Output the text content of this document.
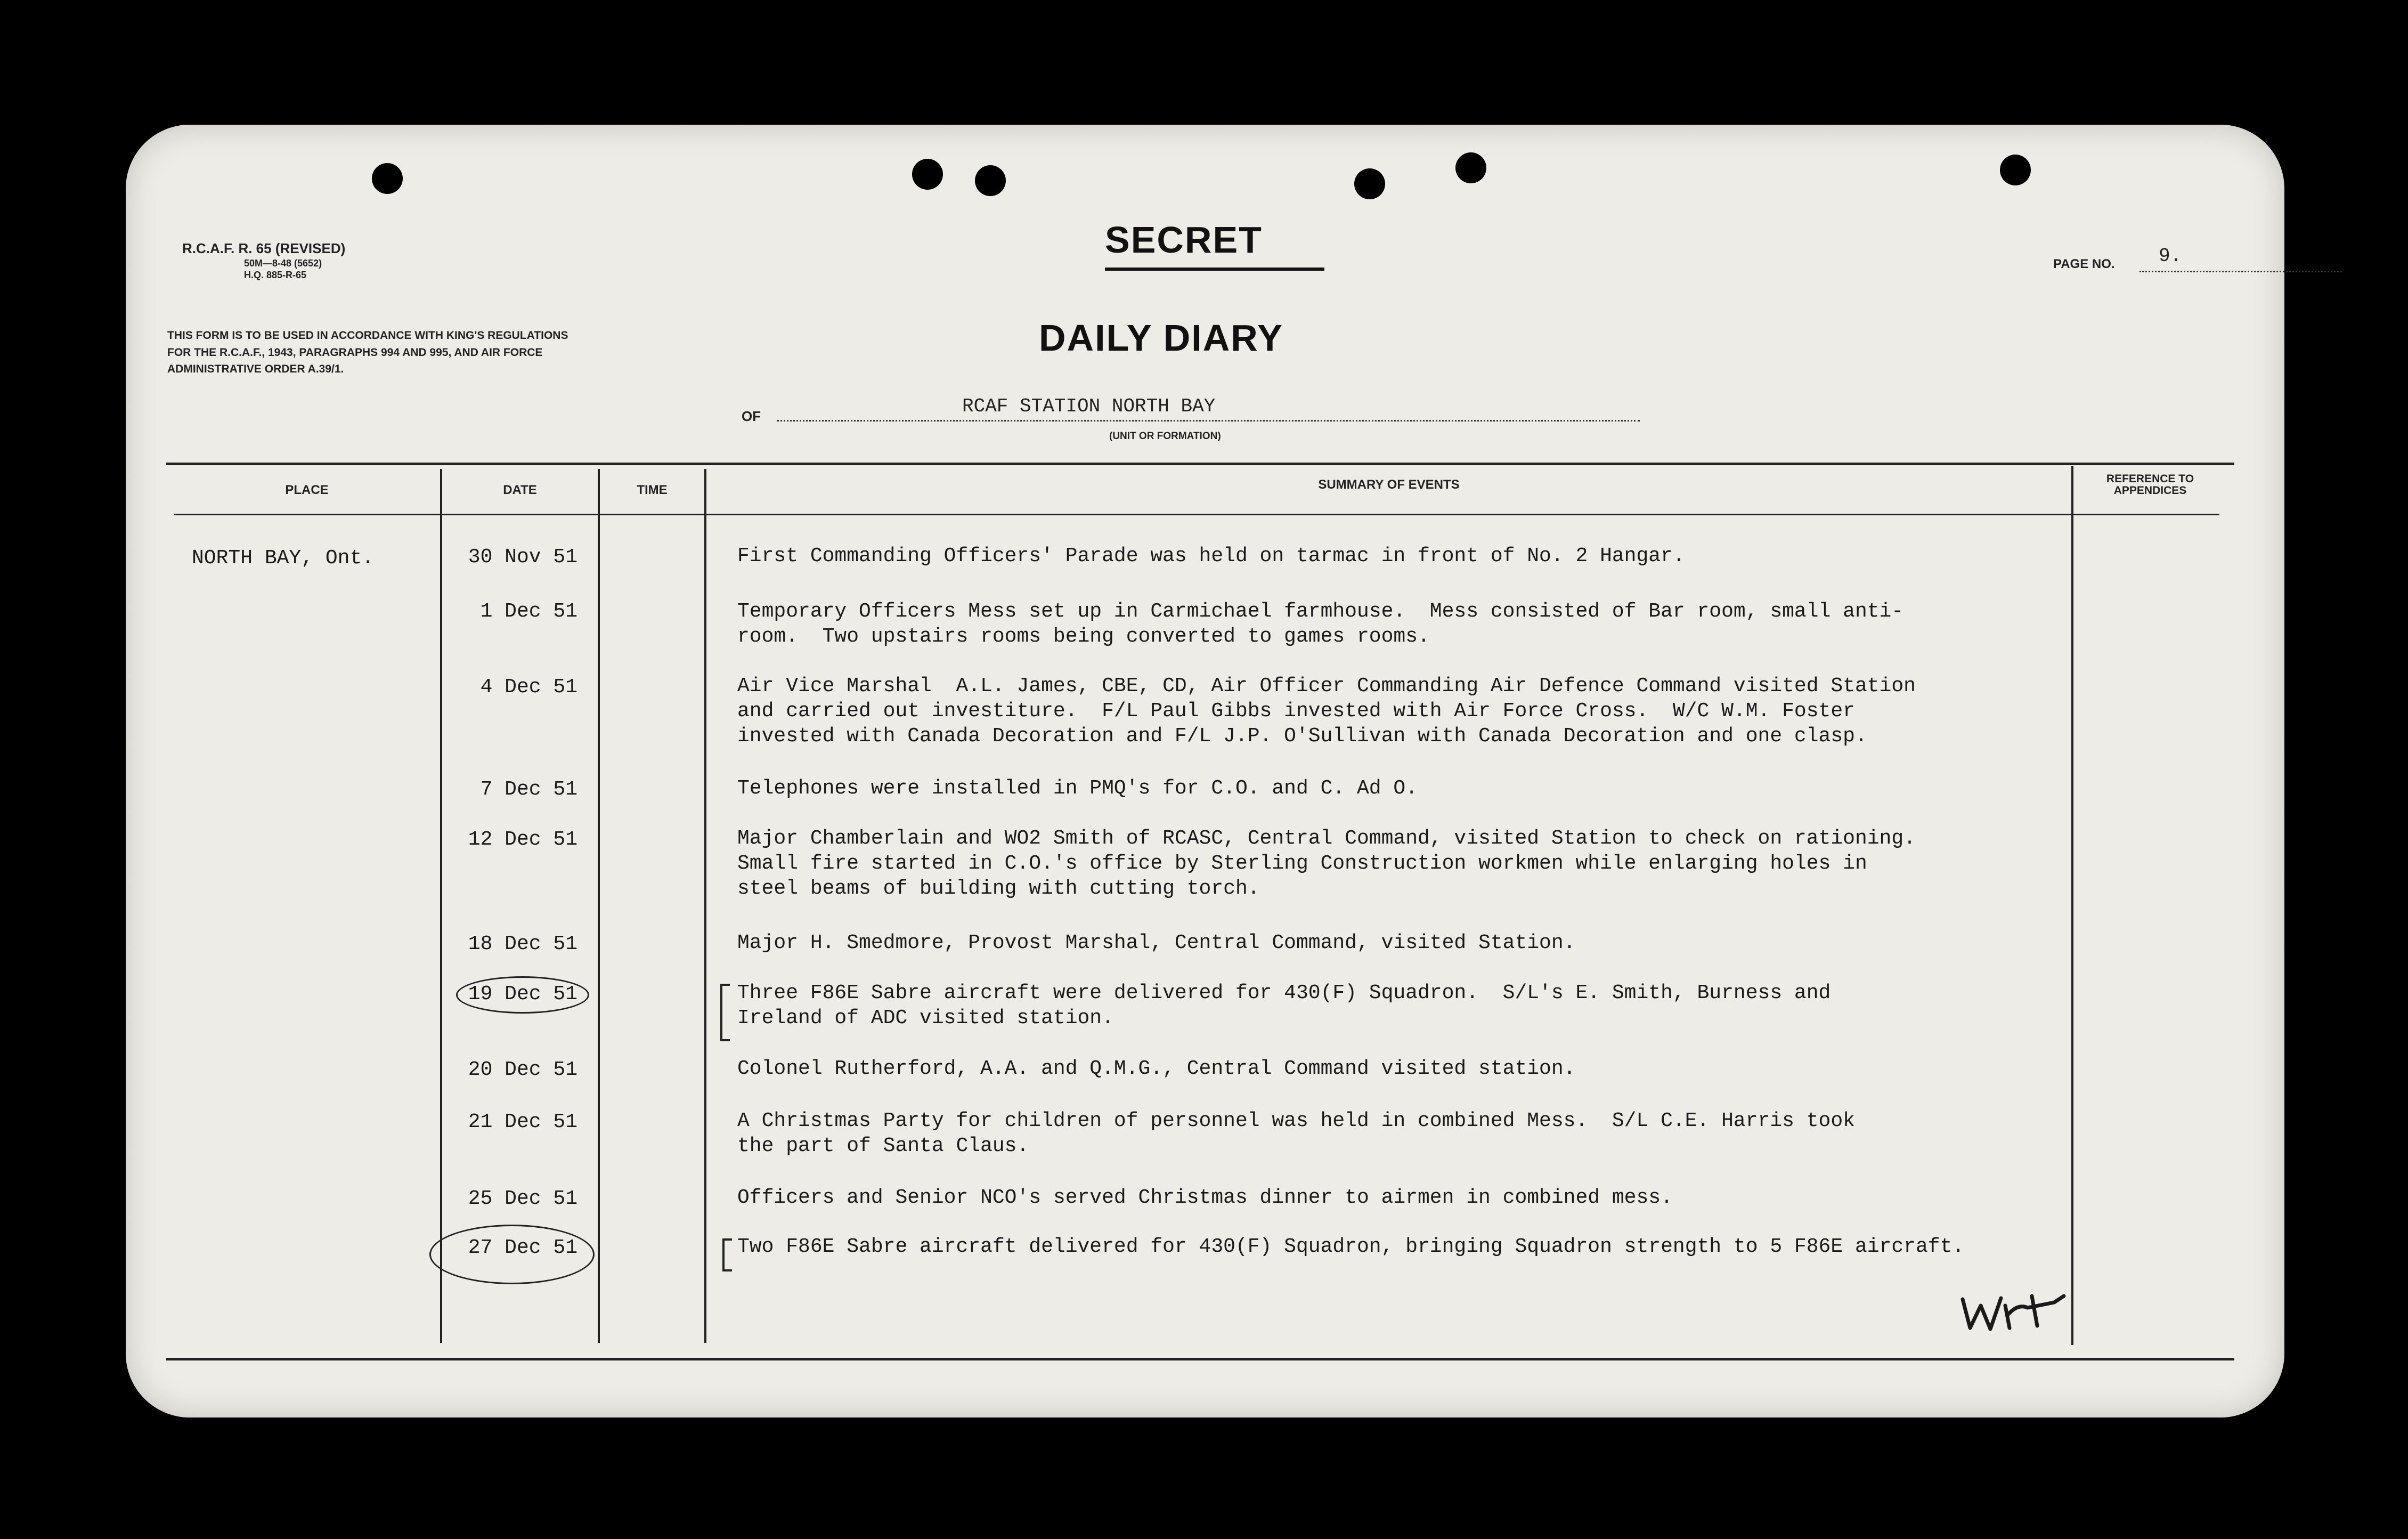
R.C.A.F. R. 65 (REVISED)
50M—8-48 (5652)
H.Q. 885-R-65
SECRET
PAGE NO. 9.
THIS FORM IS TO BE USED IN ACCORDANCE WITH KING'S REGULATIONS FOR THE R.C.A.F., 1943, PARAGRAPHS 994 AND 995, AND AIR FORCE ADMINISTRATIVE ORDER A.39/1.
DAILY DIARY
OF	RCAF STATION NORTH BAY
(UNIT OR FORMATION)
PLACE	DATE	TIME	SUMMARY OF EVENTS	REFERENCE TO APPENDICES
NORTH BAY, Ont.	30 Nov 51	First Commanding Officers' Parade was held on tarmac in front of No. 2 Hangar.
1 Dec 51	Temporary Officers Mess set up in Carmichael farmhouse.  Mess consisted of Bar room, small anti-
room.  Two upstairs rooms being converted to games rooms.
4 Dec 51	Air Vice Marshal  A.L. James, CBE, CD, Air Officer Commanding Air Defence Command visited Station
and carried out investiture.  F/L Paul Gibbs invested with Air Force Cross.  W/C W.M. Foster
invested with Canada Decoration and F/L J.P. O'Sullivan with Canada Decoration and one clasp.
7 Dec 51	Telephones were installed in PMQ's for C.O. and C. Ad O.
12 Dec 51	Major Chamberlain and WO2 Smith of RCASC, Central Command, visited Station to check on rationing.
Small fire started in C.O.'s office by Sterling Construction workmen while enlarging holes in
steel beams of building with cutting torch.
18 Dec 51	Major H. Smedmore, Provost Marshal, Central Command, visited Station.
19 Dec 51	Three F86E Sabre aircraft were delivered for 430(F) Squadron.  S/L's E. Smith, Burness and
Ireland of ADC visited station.
20 Dec 51	Colonel Rutherford, A.A. and Q.M.G., Central Command visited station.
21 Dec 51	A Christmas Party for children of personnel was held in combined Mess.  S/L C.E. Harris took
the part of Santa Claus.
25 Dec 51	Officers and Senior NCO's served Christmas dinner to airmen in combined mess.
27 Dec 51	Two F86E Sabre aircraft delivered for 430(F) Squadron, bringing Squadron strength to 5 F86E aircraft.
